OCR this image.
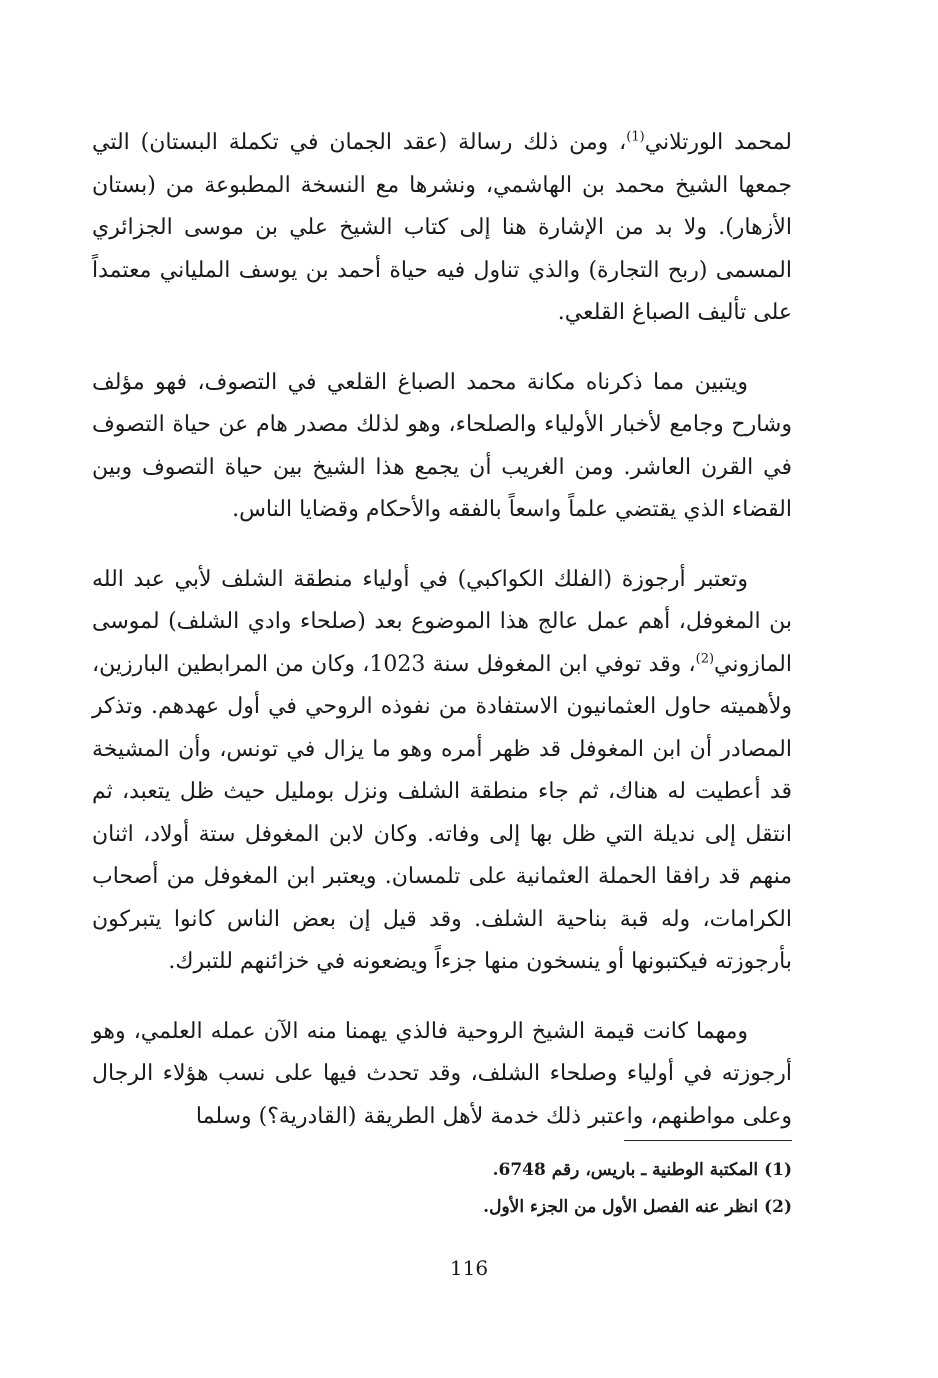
لمحمد الورتلاني$^{(1)}$، ومن ذلك رسالة (عقد الجمان في تكملة البستان) التي جمعها الشيخ محمد بن الهاشمي، ونشرها مع النسخة المطبوعة من (بستان الأزهار). ولا بد من الإشارة هنا إلى كتاب الشيخ علي بن موسى الجزائري المسمى (ربح التجارة) والذي تناول فيه حياة أحمد بن يوسف الملياني معتمداً على تأليف الصباغ القلعي.

ويتبين مما ذكرناه مكانة محمد الصباغ القلعي في التصوف، فهو مؤلف وشارح وجامع لأخبار الأولياء والصلحاء، وهو لذلك مصدر هام عن حياة التصوف في القرن العاشر. ومن الغريب أن يجمع هذا الشيخ بين حياة التصوف وبين القضاء الذي يقتضي علماً واسعاً بالفقه والأحكام وقضايا الناس.

وتعتبر أرجوزة (الفلك الكواكبي) في أولياء منطقة الشلف لأبي عبد الله بن المغوفل، أهم عمل عالج هذا الموضوع بعد (صلحاء وادي الشلف) لموسى المازوني$^{(2)}$، وقد توفي ابن المغوفل سنة 1023، وكان من المرابطين البارزين، ولأهميته حاول العثمانيون الاستفادة من نفوذه الروحي في أول عهدهم. وتذكر المصادر أن ابن المغوفل قد ظهر أمره وهو ما يزال في تونس، وأن المشيخة قد أعطيت له هناك، ثم جاء منطقة الشلف ونزل بومليل حيث ظل يتعبد، ثم انتقل إلى نديلة التي ظل بها إلى وفاته. وكان لابن المغوفل ستة أولاد، اثنان منهم قد رافقا الحملة العثمانية على تلمسان. ويعتبر ابن المغوفل من أصحاب الكرامات، وله قبة بناحية الشلف. وقد قيل إن بعض الناس كانوا يتبركون بأرجوزته فيكتبونها أو ينسخون منها جزءاً ويضعونه في خزائنهم للتبرك.

ومهما كانت قيمة الشيخ الروحية فالذي يهمنا منه الآن عمله العلمي، وهو أرجوزته في أولياء وصلحاء الشلف، وقد تحدث فيها على نسب هؤلاء الرجال وعلى مواطنهم، واعتبر ذلك خدمة لأهل الطريقة (القادرية؟) وسلما

(1) المكتبة الوطنية ـ باريس، رقم 6748.

(2) انظر عنه الفصل الأول من الجزء الأول.

116
